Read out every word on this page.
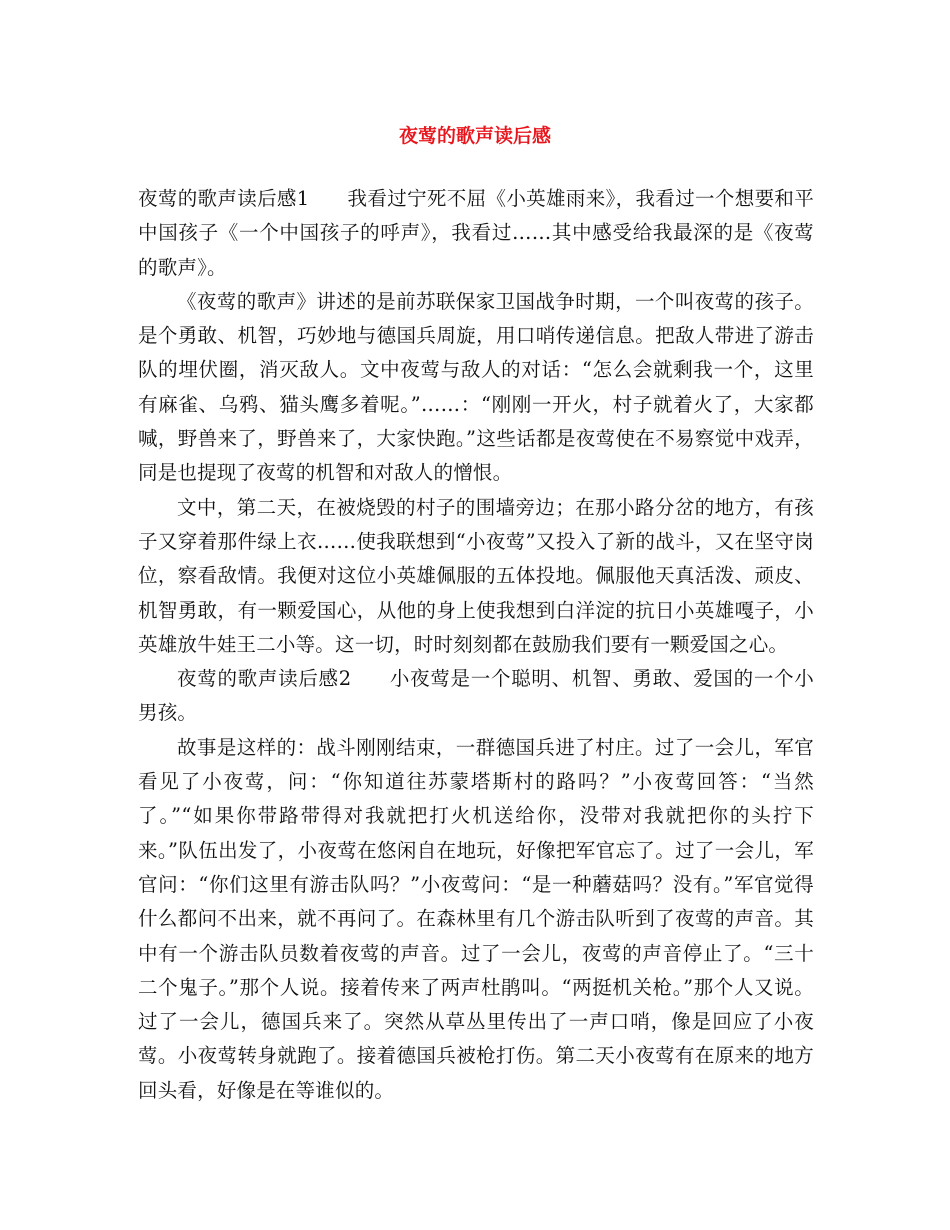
夜莺的歌声读后感

夜莺的歌声读后感1 我看过宁死不屈《小英雄雨来》，我看过一个想要和平中国孩子《一个中国孩子的呼声》，我看过……其中感受给我最深的是《夜莺的歌声》。

《夜莺的歌声》讲述的是前苏联保家卫国战争时期，一个叫夜莺的孩子。是个勇敢、机智，巧妙地与德国兵周旋，用口哨传递信息。把敌人带进了游击队的埋伏圈，消灭敌人。文中夜莺与敌人的对话：“怎么会就剩我一个，这里有麻雀、乌鸦、猫头鹰多着呢。”……：“刚刚一开火，村子就着火了，大家都喊，野兽来了，野兽来了，大家快跑。”这些话都是夜莺使在不易察觉中戏弄，同是也提现了夜莺的机智和对敌人的憎恨。

文中，第二天，在被烧毁的村子的围墙旁边；在那小路分岔的地方，有孩子又穿着那件绿上衣……使我联想到“小夜莺”又投入了新的战斗，又在坚守岗位，察看敌情。我便对这位小英雄佩服的五体投地。佩服他天真活泼、顽皮、机智勇敢，有一颗爱国心，从他的身上使我想到白洋淀的抗日小英雄嘎子，小英雄放牛娃王二小等。这一切，时时刻刻都在鼓励我们要有一颗爱国之心。

夜莺的歌声读后感2 小夜莺是一个聪明、机智、勇敢、爱国的一个小男孩。

故事是这样的：战斗刚刚结束，一群德国兵进了村庄。过了一会儿，军官看见了小夜莺，问：“你知道往苏蒙塔斯村的路吗？”小夜莺回答：“当然了。”“如果你带路带得对我就把打火机送给你，没带对我就把你的头拧下来。”队伍出发了，小夜莺在悠闲自在地玩，好像把军官忘了。过了一会儿，军官问：“你们这里有游击队吗？”小夜莺问：“是一种蘑菇吗？没有。”军官觉得什么都问不出来，就不再问了。在森林里有几个游击队听到了夜莺的声音。其中有一个游击队员数着夜莺的声音。过了一会儿，夜莺的声音停止了。“三十二个鬼子。”那个人说。接着传来了两声杜鹃叫。“两挺机关枪。”那个人又说。过了一会儿，德国兵来了。突然从草丛里传出了一声口哨，像是回应了小夜莺。小夜莺转身就跑了。接着德国兵被枪打伤。第二天小夜莺有在原来的地方回头看，好像是在等谁似的。
